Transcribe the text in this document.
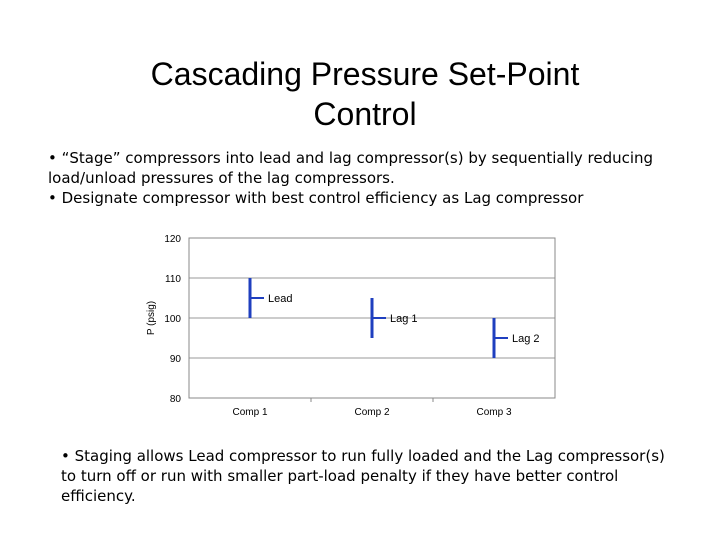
Cascading Pressure Set-Point
Control
• “Stage” compressors into lead and lag compressor(s) by sequentially reducing load/unload pressures of the lag compressors.
• Designate compressor with best control efficiency as Lag compressor
80
90
100
110
120
Comp 1	Comp 2	Comp 3
Lead
Lag 1
Lag 2
P (psig)
• Staging allows Lead compressor to run fully loaded and the Lag compressor(s) to turn off or run with smaller part-load penalty if they have better control efficiency.
